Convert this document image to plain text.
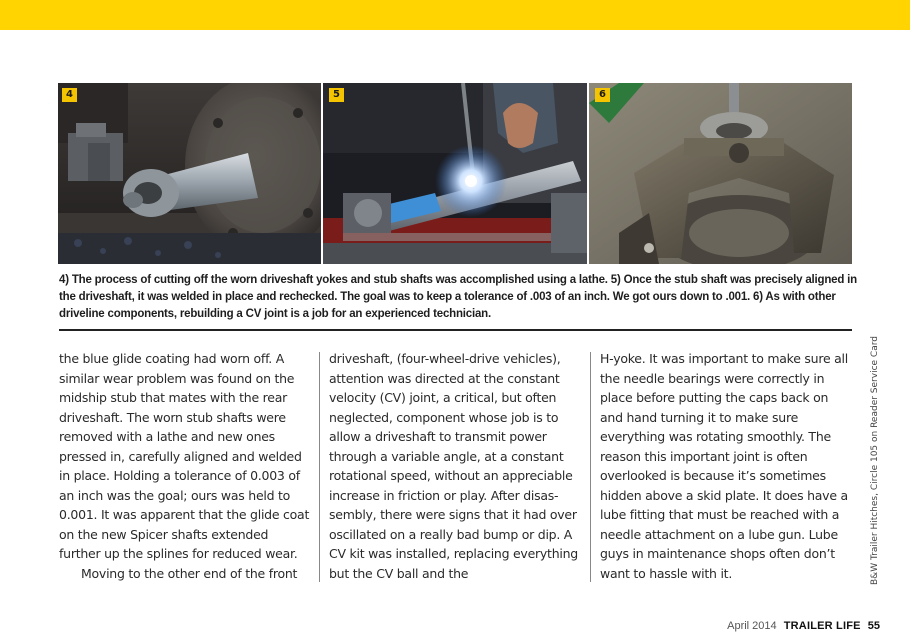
4	5	6

4) The process of cutting off the worn driveshaft yokes and stub shafts was accomplished using a lathe. 5) Once the stub shaft was precisely aligned in the driveshaft, it was welded in place and rechecked. The goal was to keep a tolerance of .003 of an inch. We got ours down to .001. 6) As with other driveline components, rebuilding a CV joint is a job for an experienced technician.

the blue glide coating had worn off. A similar wear problem was found on the midship stub that mates with the rear driveshaft. The worn stub shafts were removed with a lathe and new ones pressed in, carefully aligned and welded in place. Holding a tolerance of 0.003 of an inch was the goal; ours was held to 0.001. It was apparent that the glide coat on the new Spicer shafts extended further up the splines for reduced wear.

Moving to the other end of the front

driveshaft, (four-wheel-drive vehicles), attention was directed at the constant velocity (CV) joint, a critical, but often neglected, component whose job is to allow a driveshaft to transmit power through a variable angle, at a constant rotational speed, without an appreciable increase in friction or play. After disas-sembly, there were signs that it had over oscillated on a really bad bump or dip. A CV kit was installed, replacing everything but the CV ball and the

H-yoke. It was important to make sure all the needle bearings were correctly in place before putting the caps back on and hand turning it to make sure everything was rotating smoothly. The reason this important joint is often overlooked is because it’s sometimes hidden above a skid plate. It does have a lube fitting that must be reached with a needle attachment on a lube gun. Lube guys in maintenance shops often don’t want to hassle with it.	B&W Trailer Hitches, Circle 105 on Reader Service Card
April 2014 TRAILER LIFE 55
